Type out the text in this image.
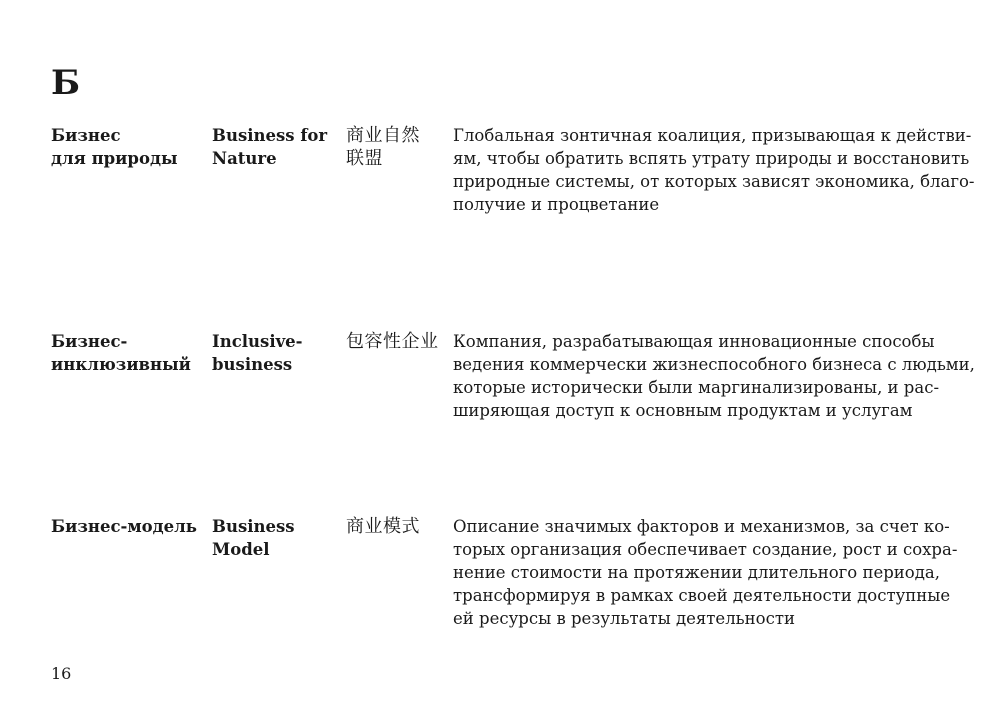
Б
Бизнес
для природы
Business for
Nature
商业自然
联盟
Глобальная зонтичная коалиция, призывающая к действи-
ям, чтобы обратить вспять утрату природы и восстановить
природные системы, от которых зависят экономика, благо-
получие и процветание
Бизнес-
инклюзивный
Inclusive-
business
包容性企业 Компания, разрабатывающая инновационные способы
ведения коммерчески жизнеспособного бизнеса с людьми,
которые исторически были маргинализированы, и рас-
ширяющая доступ к основным продуктам и услугам
Бизнес-модель Business
Model
商业模式 Описание значимых факторов и механизмов, за счет ко-
торых организация обеспечивает создание, рост и сохра-
нение стоимости на протяжении длительного периода,
трансформируя в рамках своей деятельности доступные
ей ресурсы в результаты деятельности
16
